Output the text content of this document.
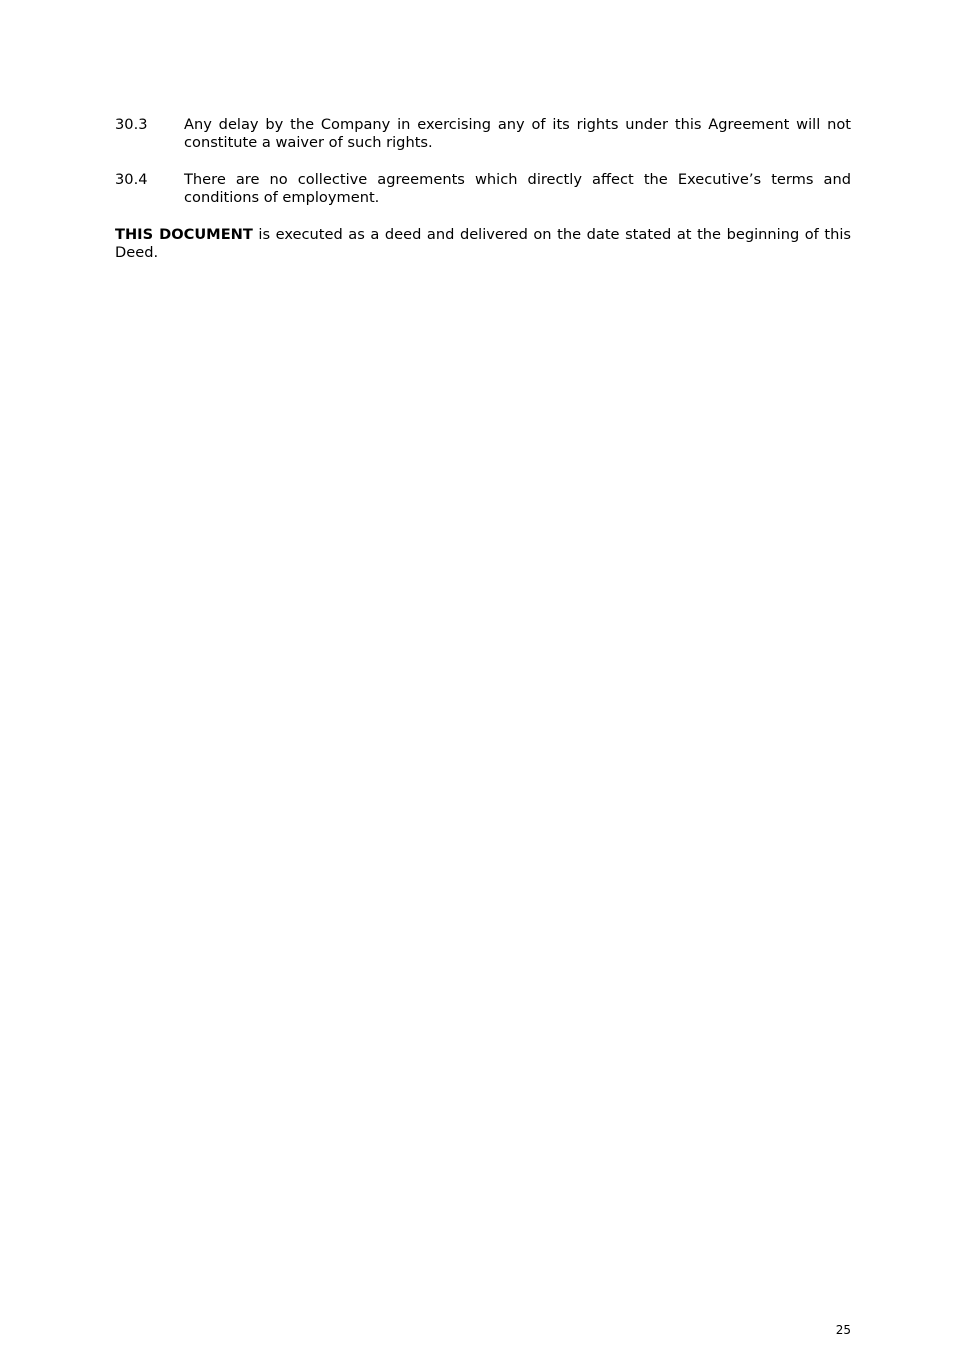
30.3	Any delay by the Company in exercising any of its rights under this Agreement will not constitute a waiver of such rights.
30.4	There are no collective agreements which directly affect the Executive’s terms and conditions of employment.
THIS DOCUMENT is executed as a deed and delivered on the date stated at the beginning of this Deed.
25
